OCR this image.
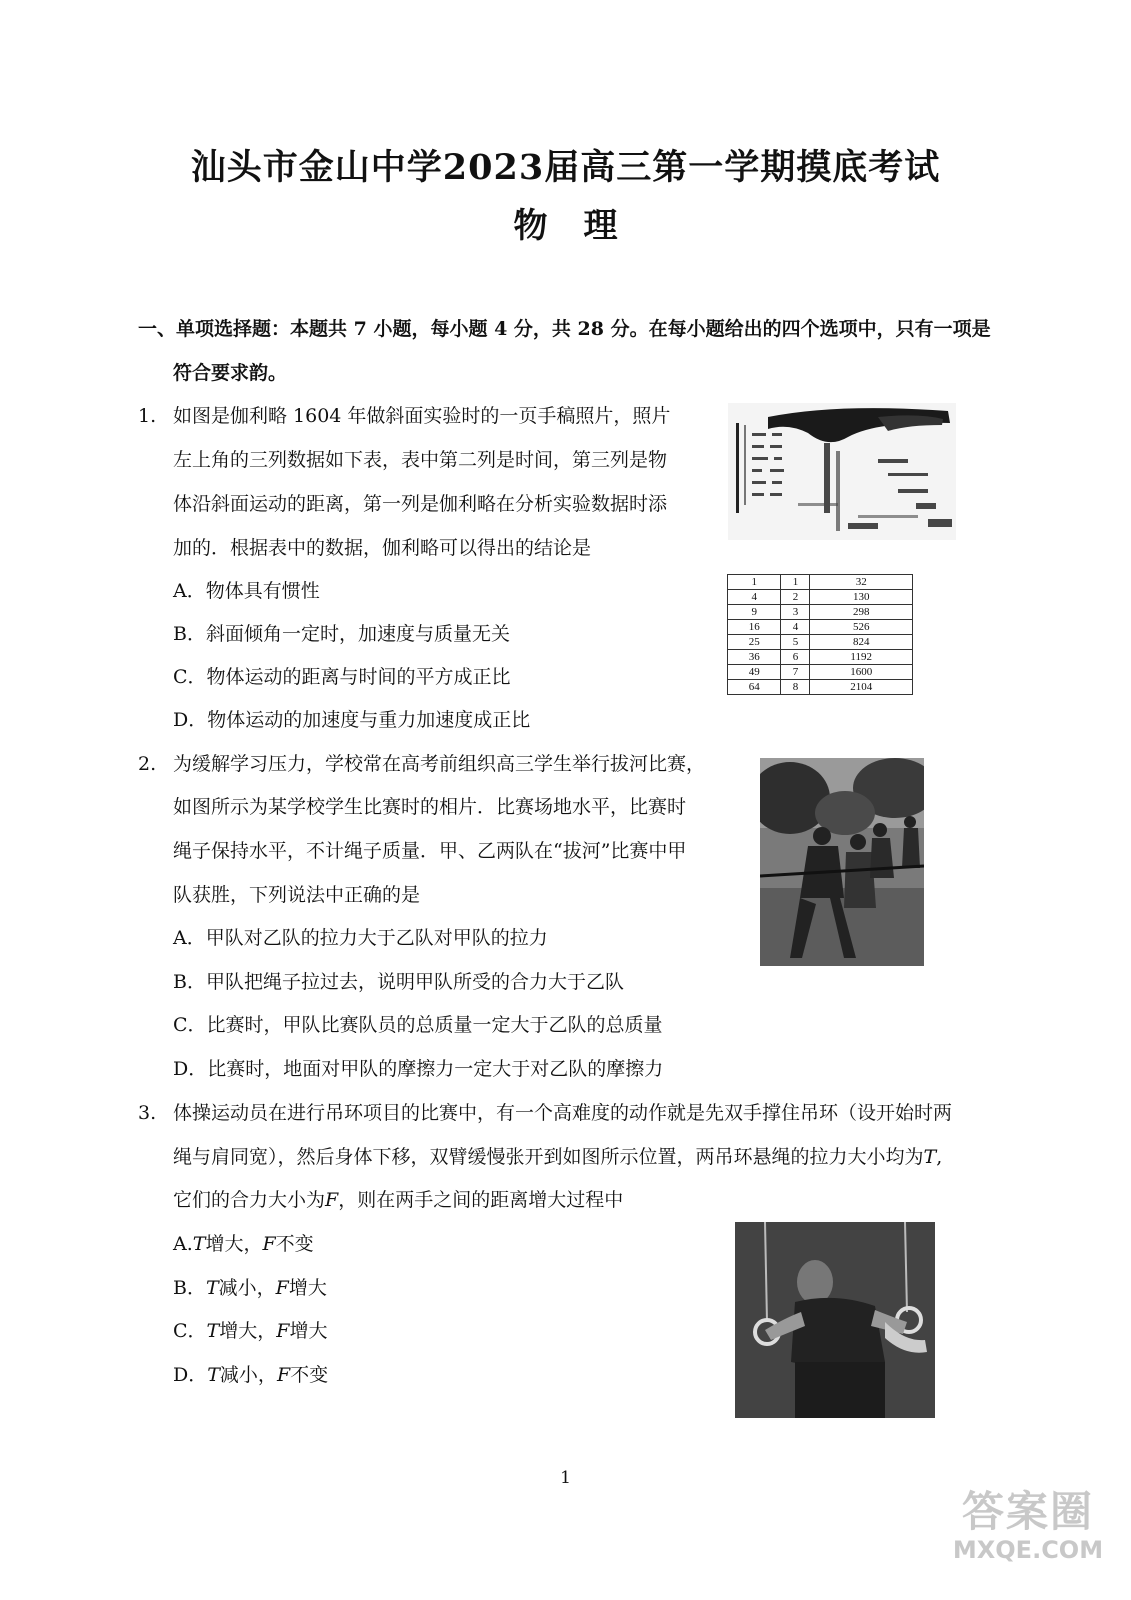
汕头市金山中学2023届高三第一学期摸底考试
物理
一、单项选择题：本题共 7 小题，每小题 4 分，共 28 分。在每小题给出的四个选项中，只有一项是
符合要求韵。
1. 如图是伽利略 1604 年做斜面实验时的一页手稿照片，照片
左上角的三列数据如下表，表中第二列是时间，第三列是物
体沿斜面运动的距离，第一列是伽利略在分析实验数据时添
加的．根据表中的数据，伽利略可以得出的结论是
A．物体具有惯性
B．斜面倾角一定时，加速度与质量无关
C．物体运动的距离与时间的平方成正比
D．物体运动的加速度与重力加速度成正比
1	1	32
4	2	130
9	3	298
16	4	526
25	5	824
36	6	1192
49	7	1600
64	8	2104
2. 为缓解学习压力，学校常在高考前组织高三学生举行拔河比赛，
如图所示为某学校学生比赛时的相片．比赛场地水平，比赛时
绳子保持水平，不计绳子质量．甲、乙两队在“拔河”比赛中甲
队获胜，下列说法中正确的是
A．甲队对乙队的拉力大于乙队对甲队的拉力
B．甲队把绳子拉过去，说明甲队所受的合力大于乙队
C．比赛时，甲队比赛队员的总质量一定大于乙队的总质量
D．比赛时，地面对甲队的摩擦力一定大于对乙队的摩擦力
3. 体操运动员在进行吊环项目的比赛中，有一个高难度的动作就是先双手撑住吊环（设开始时两
绳与肩同宽），然后身体下移，双臂缓慢张开到如图所示位置，两吊环悬绳的拉力大小均为T,
它们的合力大小为F，则在两手之间的距离增大过程中
A.T增大，F不变
B．T减小，F增大
C．T增大，F增大
D．T减小，F不变
1
答案圈
MXQE.COM
